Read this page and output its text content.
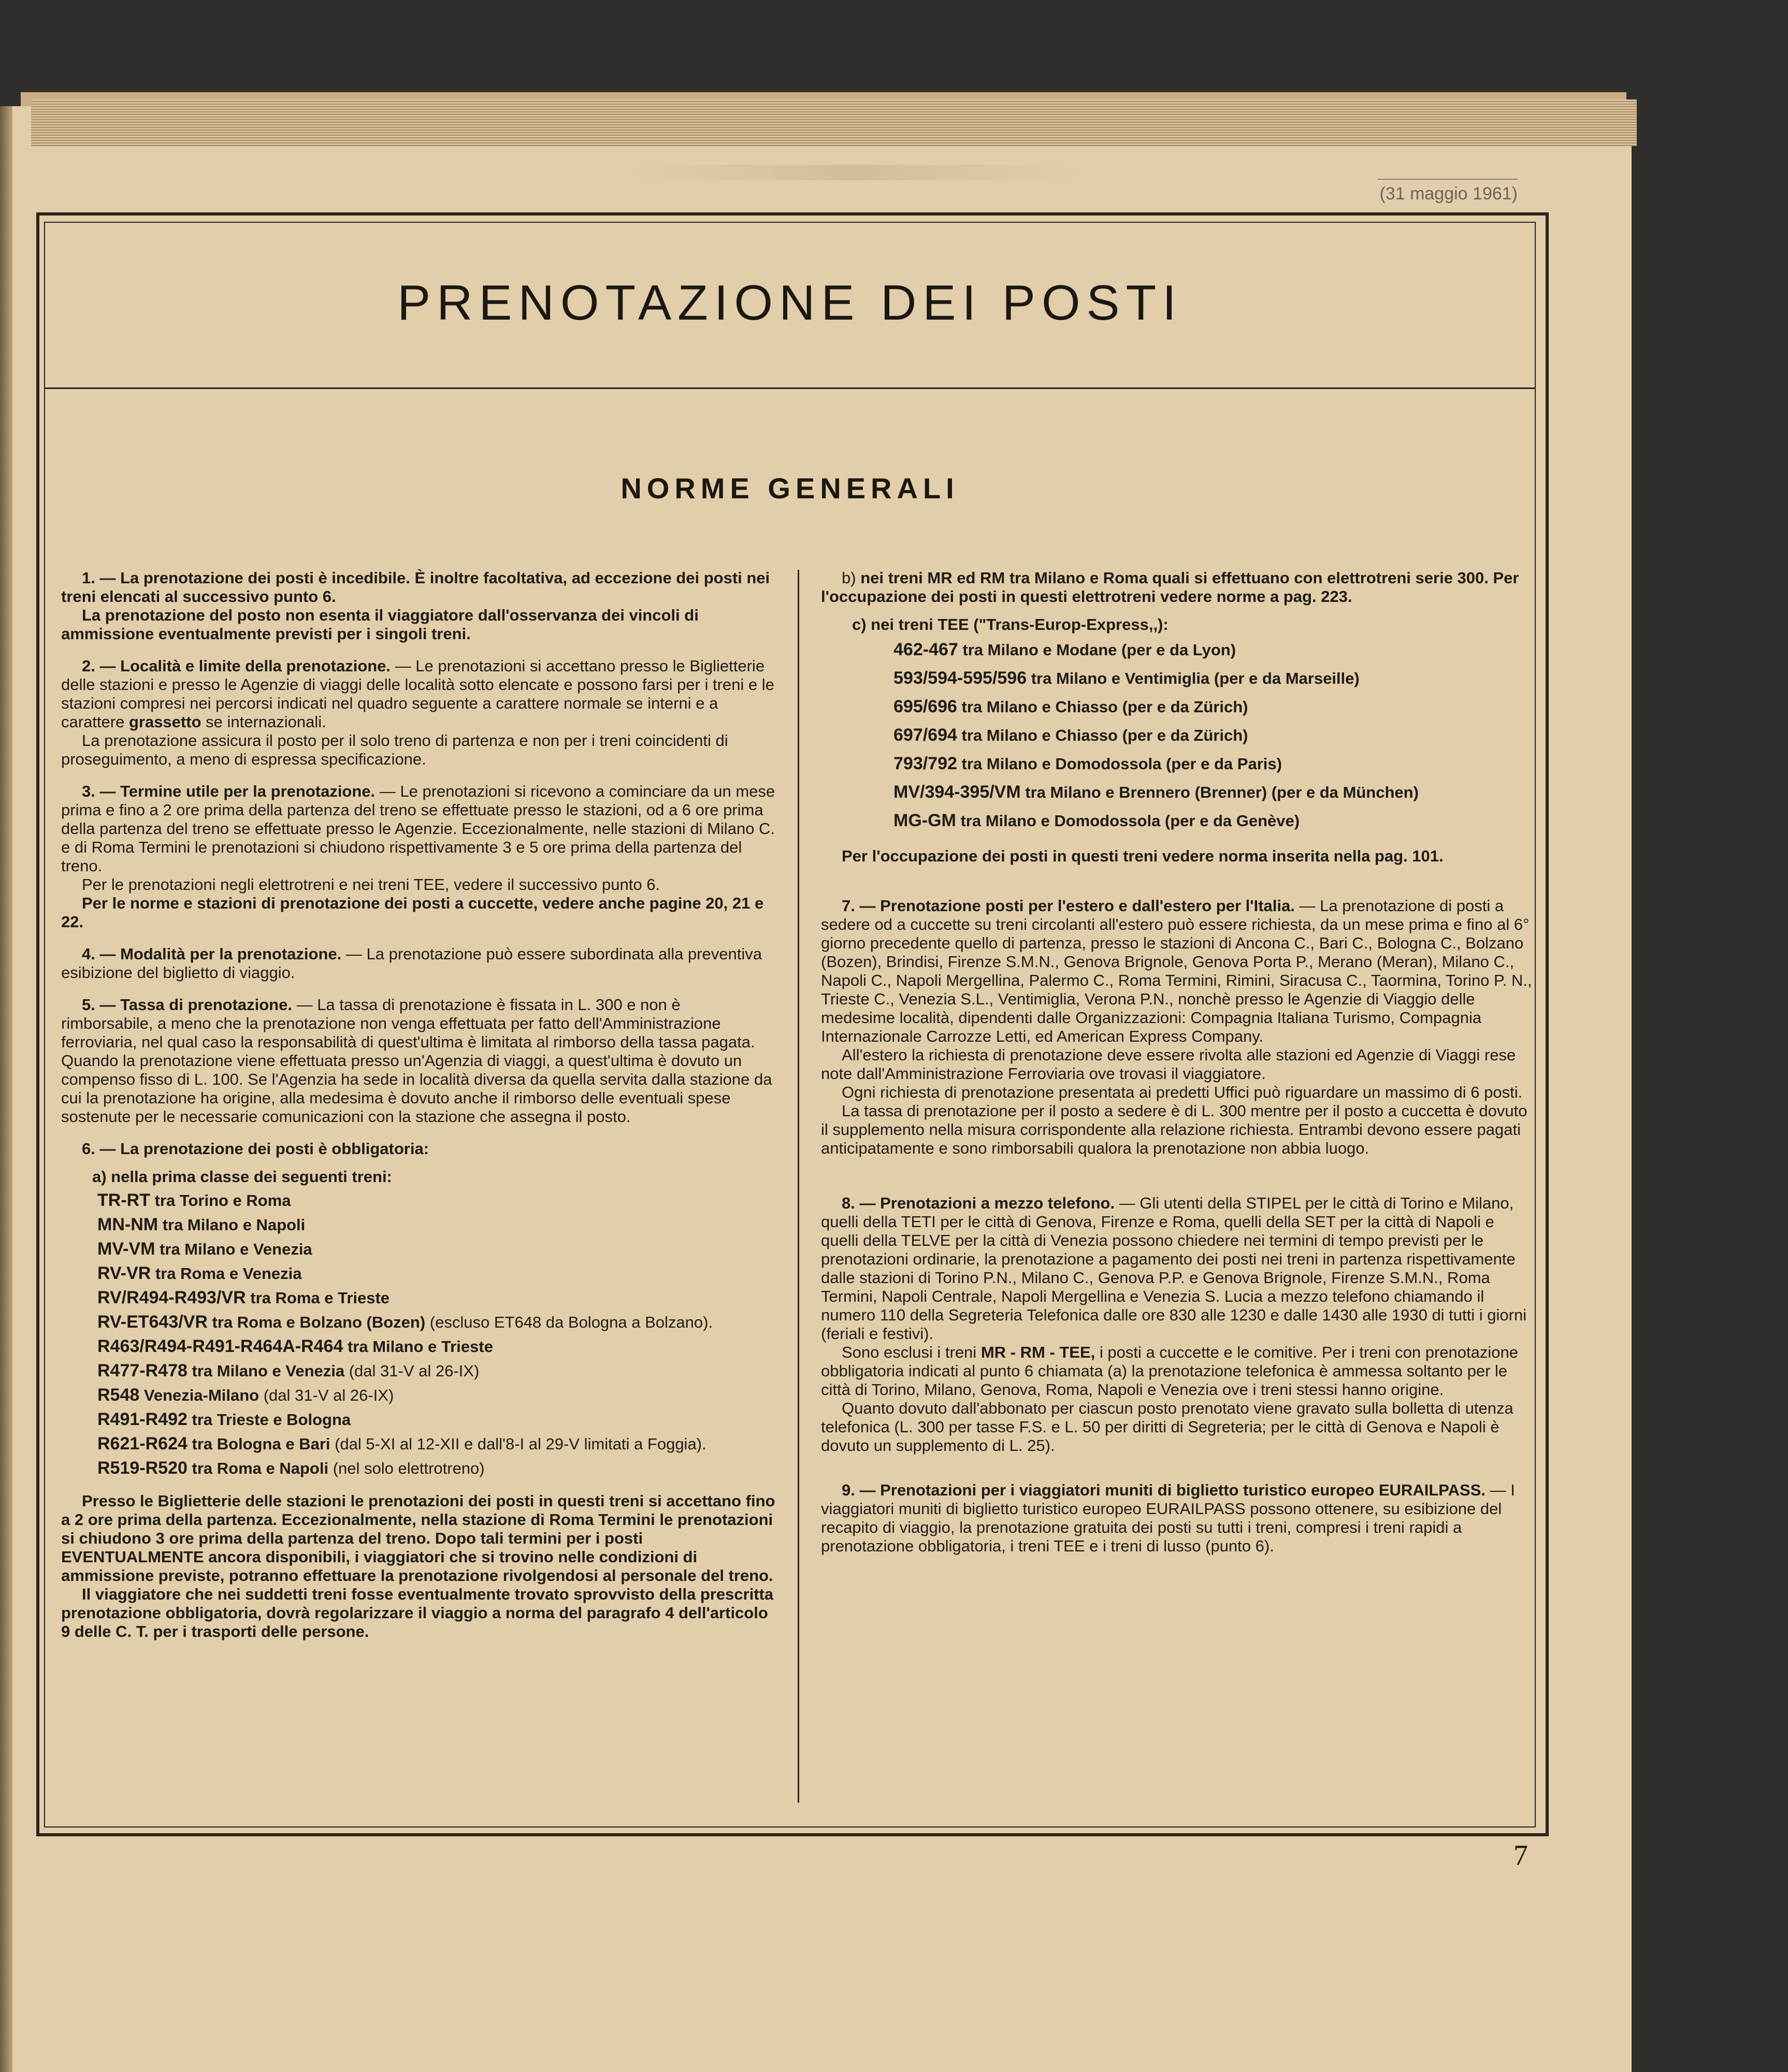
(31 maggio 1961)
PRENOTAZIONE DEI POSTI
NORME GENERALI

1. — La prenotazione dei posti è incedibile. È inoltre facoltativa, ad eccezione dei posti nei treni elencati al successivo punto 6.

La prenotazione del posto non esenta il viaggiatore dall'osservanza dei vincoli di ammissione eventualmente previsti per i singoli treni.

2. — Località e limite della prenotazione. — Le prenotazioni si accettano presso le Biglietterie delle stazioni e presso le Agenzie di viaggi delle località sotto elencate e possono farsi per i treni e le stazioni compresi nei percorsi indicati nel quadro seguente a carattere normale se interni e a carattere grassetto se internazionali.

La prenotazione assicura il posto per il solo treno di partenza e non per i treni coincidenti di proseguimento, a meno di espressa specificazione.

3. — Termine utile per la prenotazione. — Le prenotazioni si ricevono a cominciare da un mese prima e fino a 2 ore prima della partenza del treno se effettuate presso le stazioni, od a 6 ore prima della partenza del treno se effettuate presso le Agenzie. Eccezionalmente, nelle stazioni di Milano C. e di Roma Termini le prenotazioni si chiudono rispettivamente 3 e 5 ore prima della partenza del treno.

Per le prenotazioni negli elettrotreni e nei treni TEE, vedere il successivo punto 6.

Per le norme e stazioni di prenotazione dei posti a cuccette, vedere anche pagine 20, 21 e 22.

4. — Modalità per la prenotazione. — La prenotazione può essere subordinata alla preventiva esibizione del biglietto di viaggio.

5. — Tassa di prenotazione. — La tassa di prenotazione è fissata in L. 300 e non è rimborsabile, a meno che la prenotazione non venga effettuata per fatto dell'Amministrazione ferroviaria, nel qual caso la responsabilità di quest'ultima è limitata al rimborso della tassa pagata. Quando la prenotazione viene effettuata presso un'Agenzia di viaggi, a quest'ultima è dovuto un compenso fisso di L. 100. Se l'Agenzia ha sede in località diversa da quella servita dalla stazione da cui la prenotazione ha origine, alla medesima è dovuto anche il rimborso delle eventuali spese sostenute per le necessarie comunicazioni con la stazione che assegna il posto.

6. — La prenotazione dei posti è obbligatoria:

a) nella prima classe dei seguenti treni:

TR-RT tra Torino e Roma
MN-NM tra Milano e Napoli
MV-VM tra Milano e Venezia
RV-VR tra Roma e Venezia
RV/R494-R493/VR tra Roma e Trieste
RV-ET643/VR tra Roma e Bolzano (Bozen) (escluso ET648 da Bologna a Bolzano).
R463/R494-R491-R464A-R464 tra Milano e Trieste
R477-R478 tra Milano e Venezia (dal 31-V al 26-IX)
R548 Venezia-Milano (dal 31-V al 26-IX)
R491-R492 tra Trieste e Bologna
R621-R624 tra Bologna e Bari (dal 5-XI al 12-XII e dall'8-I al 29-V limitati a Foggia).
R519-R520 tra Roma e Napoli (nel solo elettrotreno)

Presso le Biglietterie delle stazioni le prenotazioni dei posti in questi treni si accettano fino a 2 ore prima della partenza. Eccezionalmente, nella stazione di Roma Termini le prenotazioni si chiudono 3 ore prima della partenza del treno. Dopo tali termini per i posti EVENTUALMENTE ancora disponibili, i viaggiatori che si trovino nelle condizioni di ammissione previste, potranno effettuare la prenotazione rivolgendosi al personale del treno.

Il viaggiatore che nei suddetti treni fosse eventualmente trovato sprovvisto della prescritta prenotazione obbligatoria, dovrà regolarizzare il viaggio a norma del paragrafo 4 dell'articolo 9 delle C. T. per i trasporti delle persone.

b) nei treni MR ed RM tra Milano e Roma quali si effettuano con elettrotreni serie 300. Per l'occupazione dei posti in questi elettrotreni vedere norme a pag. 223.

c) nei treni TEE ("Trans-Europ-Express,,):

462-467 tra Milano e Modane (per e da Lyon)
593/594-595/596 tra Milano e Ventimiglia (per e da Marseille)
695/696 tra Milano e Chiasso (per e da Zürich)
697/694 tra Milano e Chiasso (per e da Zürich)
793/792 tra Milano e Domodossola (per e da Paris)
MV/394-395/VM tra Milano e Brennero (Brenner) (per e da München)
MG-GM tra Milano e Domodossola (per e da Genève)

Per l'occupazione dei posti in questi treni vedere norma inserita nella pag. 101.

7. — Prenotazione posti per l'estero e dall'estero per l'Italia. — La prenotazione di posti a sedere od a cuccette su treni circolanti all'estero può essere richiesta, da un mese prima e fino al 6° giorno precedente quello di partenza, presso le stazioni di Ancona C., Bari C., Bologna C., Bolzano (Bozen), Brindisi, Firenze S.M.N., Genova Brignole, Genova Porta P., Merano (Meran), Milano C., Napoli C., Napoli Mergellina, Palermo C., Roma Termini, Rimini, Siracusa C., Taormina, Torino P. N., Trieste C., Venezia S.L., Ventimiglia, Verona P.N., nonchè presso le Agenzie di Viaggio delle medesime località, dipendenti dalle Organizzazioni: Compagnia Italiana Turismo, Compagnia Internazionale Carrozze Letti, ed American Express Company.

All'estero la richiesta di prenotazione deve essere rivolta alle stazioni ed Agenzie di Viaggi rese note dall'Amministrazione Ferroviaria ove trovasi il viaggiatore.

Ogni richiesta di prenotazione presentata ai predetti Uffici può riguardare un massimo di 6 posti.

La tassa di prenotazione per il posto a sedere è di L. 300 mentre per il posto a cuccetta è dovuto il supplemento nella misura corrispondente alla relazione richiesta. Entrambi devono essere pagati anticipatamente e sono rimborsabili qualora la prenotazione non abbia luogo.

8. — Prenotazioni a mezzo telefono. — Gli utenti della STIPEL per le città di Torino e Milano, quelli della TETI per le città di Genova, Firenze e Roma, quelli della SET per la città di Napoli e quelli della TELVE per la città di Venezia possono chiedere nei termini di tempo previsti per le prenotazioni ordinarie, la prenotazione a pagamento dei posti nei treni in partenza rispettivamente dalle stazioni di Torino P.N., Milano C., Genova P.P. e Genova Brignole, Firenze S.M.N., Roma Termini, Napoli Centrale, Napoli Mergellina e Venezia S. Lucia a mezzo telefono chiamando il numero 110 della Segreteria Telefonica dalle ore 830 alle 1230 e dalle 1430 alle 1930 di tutti i giorni (feriali e festivi).

Sono esclusi i treni MR - RM - TEE, i posti a cuccette e le comitive. Per i treni con prenotazione obbligatoria indicati al punto 6 chiamata (a) la prenotazione telefonica è ammessa soltanto per le città di Torino, Milano, Genova, Roma, Napoli e Venezia ove i treni stessi hanno origine.

Quanto dovuto dall'abbonato per ciascun posto prenotato viene gravato sulla bolletta di utenza telefonica (L. 300 per tasse F.S. e L. 50 per diritti di Segreteria; per le città di Genova e Napoli è dovuto un supplemento di L. 25).

9. — Prenotazioni per i viaggiatori muniti di biglietto turistico europeo EURAILPASS. — I viaggiatori muniti di biglietto turistico europeo EURAILPASS possono ottenere, su esibizione del recapito di viaggio, la prenotazione gratuita dei posti su tutti i treni, compresi i treni rapidi a prenotazione obbligatoria, i treni TEE e i treni di lusso (punto 6).

7
